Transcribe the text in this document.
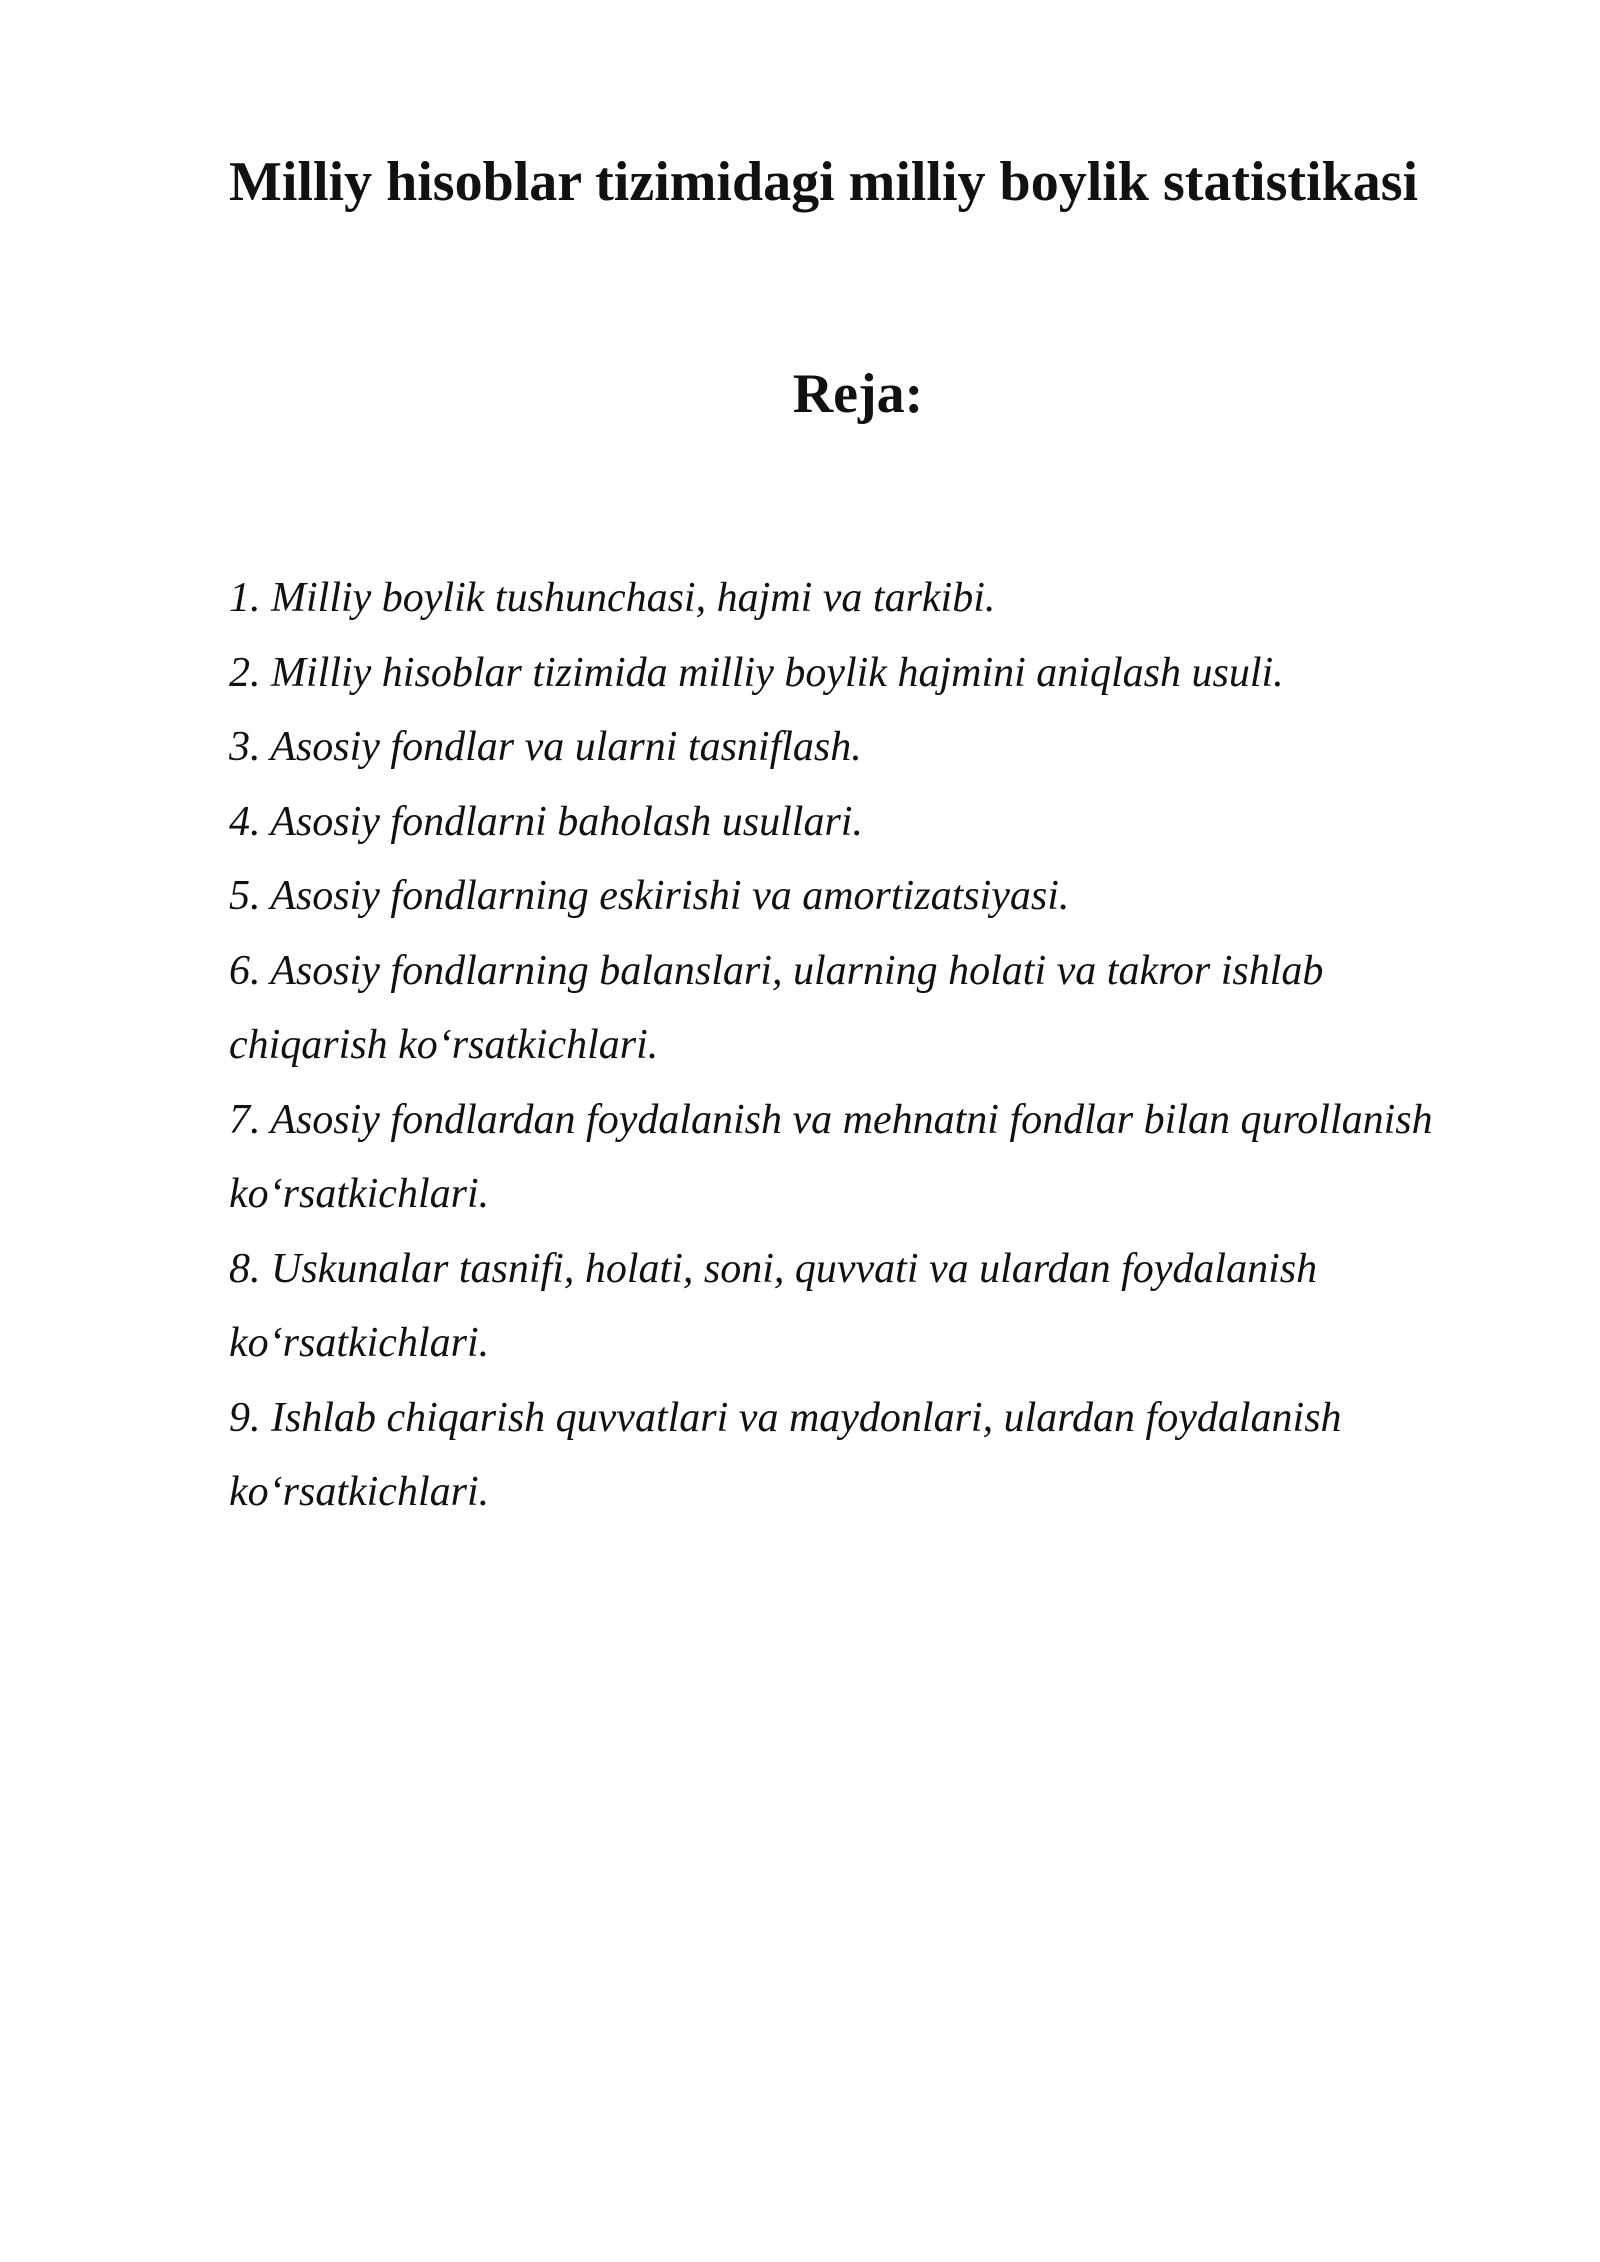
Milliy hisoblar tizimidagi milliy boylik statistikasi
Reja:
1. Milliy boylik tushunchasi, hajmi va tarkibi.
2. Milliy hisoblar tizimida milliy boylik hajmini aniqlash usuli.
3. Asosiy fondlar va ularni tasniflash.
4. Asosiy fondlarni baholash usullari.
5. Asosiy fondlarning eskirishi va amortizatsiyasi.
6. Asosiy fondlarning balanslari, ularning holati va takror ishlab chiqarish ko‘rsatkichlari.
7. Asosiy fondlardan foydalanish va mehnatni fondlar bilan qurollanish ko‘rsatkichlari.
8. Uskunalar tasnifi, holati, soni, quvvati va ulardan foydalanish ko‘rsatkichlari.
9. Ishlab chiqarish quvvatlari va maydonlari, ulardan foydalanish ko‘rsatkichlari.
